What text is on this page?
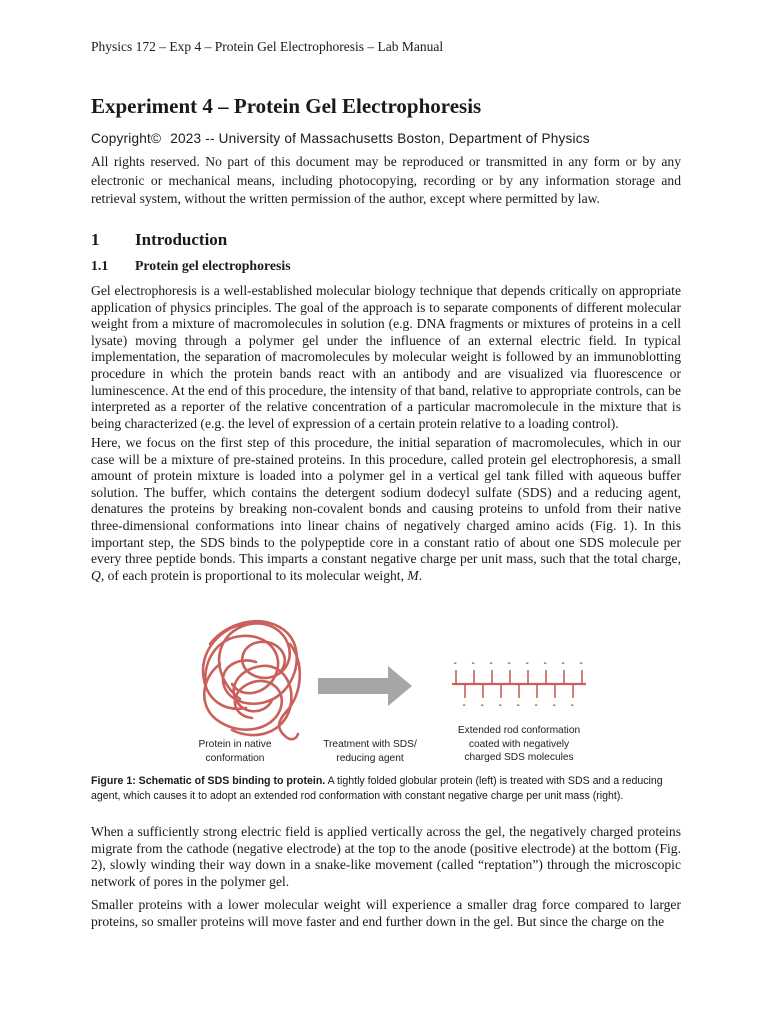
Physics 172 – Exp 4 – Protein Gel Electrophoresis – Lab Manual
Experiment 4 – Protein Gel Electrophoresis
Copyright© 2023 -- University of Massachusetts Boston, Department of Physics

All rights reserved. No part of this document may be reproduced or transmitted in any form or by any electronic or mechanical means, including photocopying, recording or by any information storage and retrieval system, without the written permission of the author, except where permitted by law.

1 Introduction
1.1 Protein gel electrophoresis

Gel electrophoresis is a well-established molecular biology technique that depends critically on appropriate application of physics principles. The goal of the approach is to separate components of different molecular weight from a mixture of macromolecules in solution (e.g. DNA fragments or mixtures of proteins in a cell lysate) moving through a polymer gel under the influence of an external electric field. In typical implementation, the separation of macromolecules by molecular weight is followed by an immunoblotting procedure in which the protein bands react with an antibody and are visualized via fluorescence or luminescence. At the end of this procedure, the intensity of that band, relative to appropriate controls, can be interpreted as a reporter of the relative concentration of a particular macromolecule in the mixture that is being characterized (e.g. the level of expression of a certain protein relative to a loading control).

Here, we focus on the first step of this procedure, the initial separation of macromolecules, which in our case will be a mixture of pre-stained proteins. In this procedure, called protein gel electrophoresis, a small amount of protein mixture is loaded into a polymer gel in a vertical gel tank filled with aqueous buffer solution. The buffer, which contains the detergent sodium dodecyl sulfate (SDS) and a reducing agent, denatures the proteins by breaking non-covalent bonds and causing proteins to unfold from their native three-dimensional conformations into linear chains of negatively charged amino acids (Fig. 1). In this important step, the SDS binds to the polypeptide core in a constant ratio of about one SDS molecule per every three peptide bonds. This imparts a constant negative charge per unit mass, such that the total charge, Q, of each protein is proportional to its molecular weight, M.

-
-
-
-
-
-
-
-
-
-
-
-
-
-
-
Protein in native
conformation
Treatment with SDS/
reducing agent
Extended rod conformation
coated with negatively
charged SDS molecules

Figure 1: Schematic of SDS binding to protein. A tightly folded globular protein (left) is treated with SDS and a reducing agent, which causes it to adopt an extended rod conformation with constant negative charge per unit mass (right).

When a sufficiently strong electric field is applied vertically across the gel, the negatively charged proteins migrate from the cathode (negative electrode) at the top to the anode (positive electrode) at the bottom (Fig. 2), slowly winding their way down in a snake-like movement (called “reptation”) through the microscopic network of pores in the polymer gel.

Smaller proteins with a lower molecular weight will experience a smaller drag force compared to larger proteins, so smaller proteins will move faster and end further down in the gel. But since the charge on the
